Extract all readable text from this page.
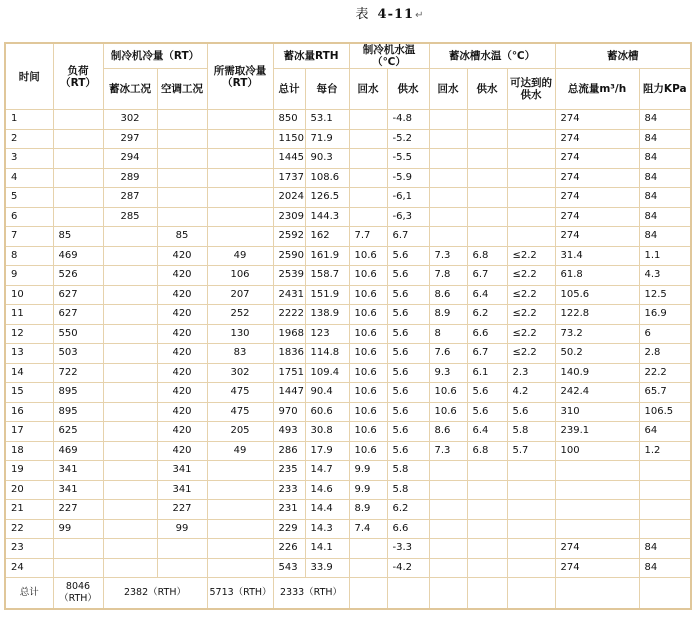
表 4-11↵
时间	负荷（RT）	制冷机冷量（RT）		所需取冷量（RT）	蓄冰量RTH		制冷机水温（℃）		蓄冰槽水温（℃）			蓄冰槽	
		蓄冰工况	空调工况		总计	每台	回水	供水	回水	供水	可达到的供水	总流量m³/h	阻力KPa
1		302			850	53.1		-4.8				274	84
2		297			1150	71.9		-5.2				274	84
3		294			1445	90.3		-5.5				274	84
4		289			1737	108.6		-5.9				274	84
5		287			2024	126.5		-6,1				274	84
6		285			2309	144.3		-6,3				274	84
7	85		85		2592	162	7.7	6.7				274	84
8	469		420	49	2590	161.9	10.6	5.6	7.3	6.8	≤2.2	31.4	1.1
9	526		420	106	2539	158.7	10.6	5.6	7.8	6.7	≤2.2	61.8	4.3
10	627		420	207	2431	151.9	10.6	5.6	8.6	6.4	≤2.2	105.6	12.5
11	627		420	252	2222	138.9	10.6	5.6	8.9	6.2	≤2.2	122.8	16.9
12	550		420	130	1968	123	10.6	5.6	8	6.6	≤2.2	73.2	6
13	503		420	83	1836	114.8	10.6	5.6	7.6	6.7	≤2.2	50.2	2.8
14	722		420	302	1751	109.4	10.6	5.6	9.3	6.1	2.3	140.9	22.2
15	895		420	475	1447	90.4	10.6	5.6	10.6	5.6	4.2	242.4	65.7
16	895		420	475	970	60.6	10.6	5.6	10.6	5.6	5.6	310	106.5
17	625		420	205	493	30.8	10.6	5.6	8.6	6.4	5.8	239.1	64
18	469		420	49	286	17.9	10.6	5.6	7.3	6.8	5.7	100	1.2
19	341		341		235	14.7	9.9	5.8					
20	341		341		233	14.6	9.9	5.8					
21	227		227		231	14.4	8.9	6.2					
22	99		99		229	14.3	7.4	6.6					
23					226	14.1		-3.3				274	84
24					543	33.9		-4.2				274	84
总计	8046（RTH）	2382（RTH）		5713（RTH）	2333（RTH）								
